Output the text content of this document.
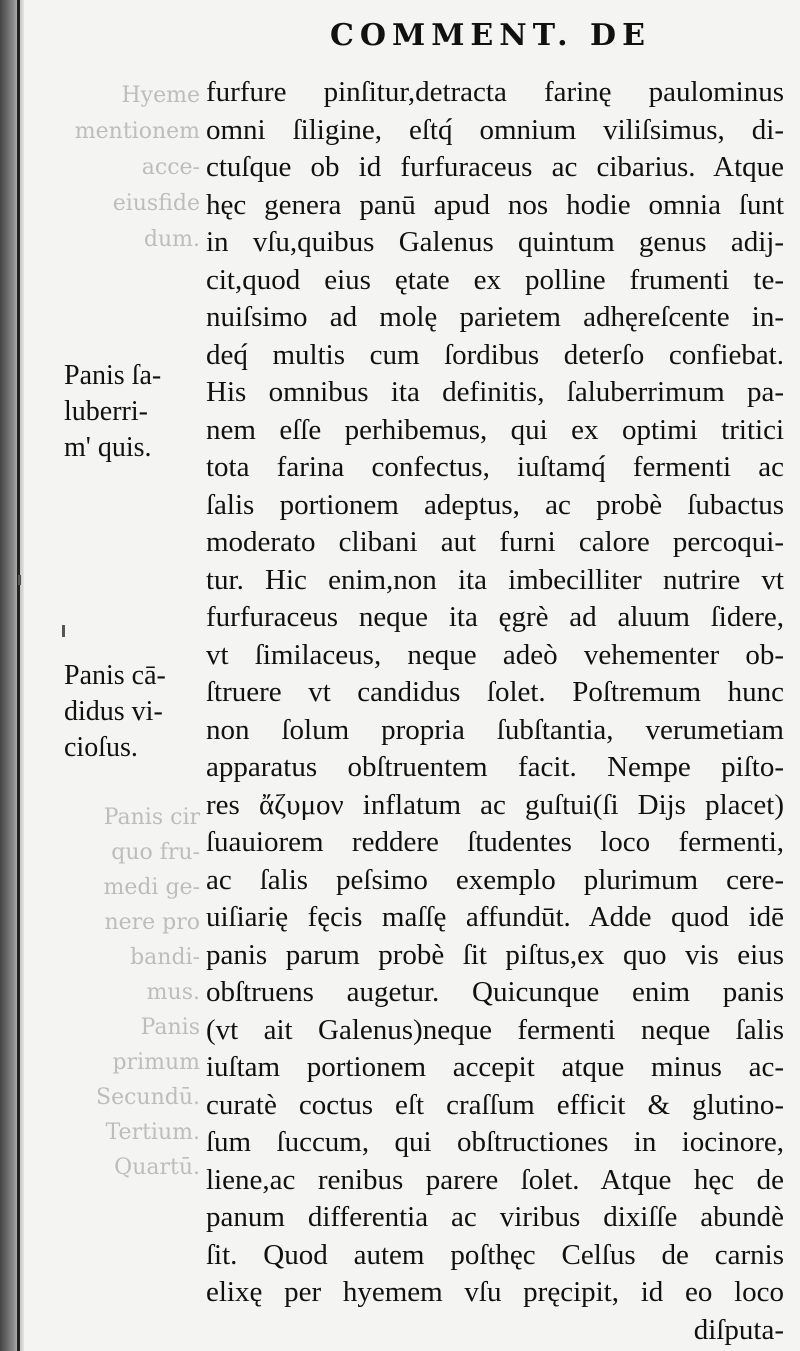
Hyeme
mentionem
acce-
eiusfide
dum.
Panis cir
quo fru-
medi ge-
nere pro
bandi-
mus.
Panis
primum
Secundū.
Tertium.
Quartū.
COMMENT. DE
furfure pinſitur,detracta farinę paulominus
omni ſiligine, eſtq́ omnium viliſsimus, di-
ctuſque ob id furfuraceus ac cibarius. Atque
hęc genera panū apud nos hodie omnia ſunt
in vſu,quibus Galenus quintum genus adij-
cit,quod eius ętate ex polline frumenti te-
nuiſsimo ad molę parietem adhęreſcente in-
deq́ multis cum ſordibus deterſo confiebat.
His omnibus ita definitis, ſaluberrimum pa-
nem eſſe perhibemus, qui ex optimi tritici
tota farina confectus, iuſtamq́ fermenti ac
ſalis portionem adeptus, ac probè ſubactus
moderato clibani aut furni calore percoqui-
tur. Hic enim,non ita imbecilliter nutrire vt
furfuraceus neque ita ęgrè ad aluum ſidere,
vt ſimilaceus, neque adeò vehementer ob-
ſtruere vt candidus ſolet. Poſtremum hunc
non ſolum propria ſubſtantia, verumetiam
apparatus obſtruentem facit. Nempe piſto-
res ἄζυμον inflatum ac guſtui(ſi Dijs placet)
ſuauiorem reddere ſtudentes loco fermenti,
ac ſalis peſsimo exemplo plurimum cere-
uiſiarię fęcis maſſę affundūt. Adde quod idē
panis parum probè ſit piſtus,ex quo vis eius
obſtruens augetur. Quicunque enim panis
(vt ait Galenus)neque fermenti neque ſalis
iuſtam portionem accepit atque minus ac-
curatè coctus eſt craſſum efficit & glutino-
ſum ſuccum, qui obſtructiones in iocinore,
liene,ac renibus parere ſolet. Atque hęc de
panum differentia ac viribus dixiſſe abundè
ſit. Quod autem poſthęc Celſus de carnis
elixę per hyemem vſu pręcipit, id eo loco
diſputa-
Panis ſa-
luberri-
m' quis.
Panis cā-
didus vi-
cioſus.
